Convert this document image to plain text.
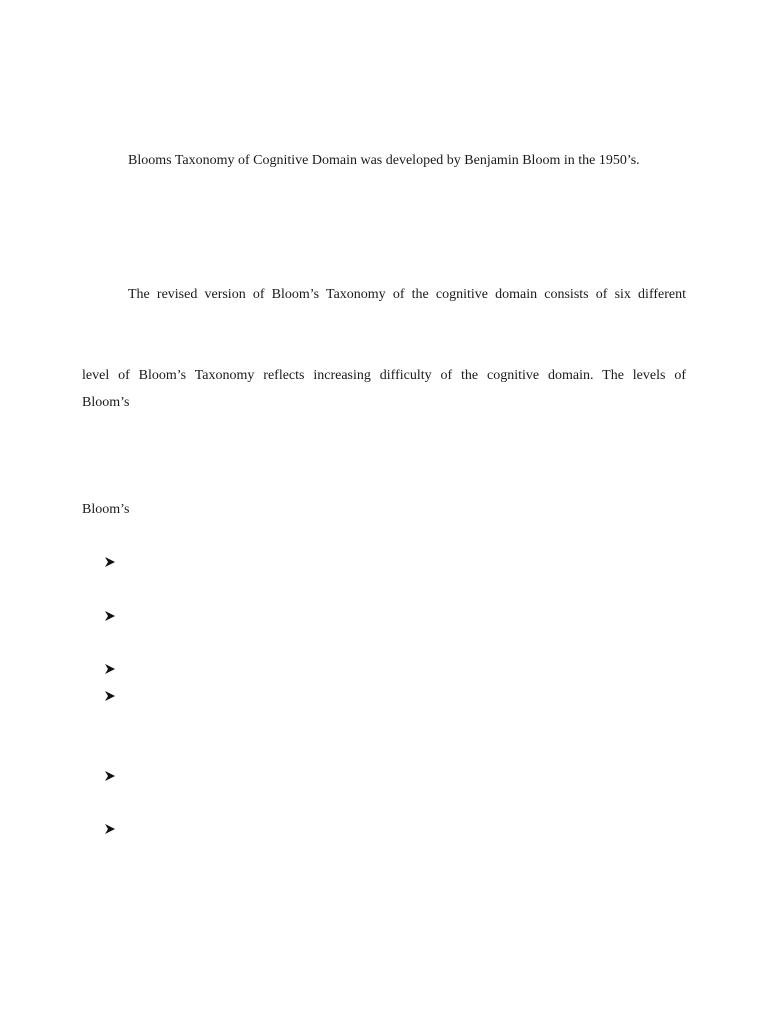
Blooms Taxonomy of Cognitive Domain was developed by Benjamin Bloom in the 1950’s.
The revised version of Bloom’s Taxonomy of the cognitive domain consists of six different
level of Bloom’s Taxonomy reflects increasing difficulty of the cognitive domain. The levels of
Bloom’s
Bloom’s
